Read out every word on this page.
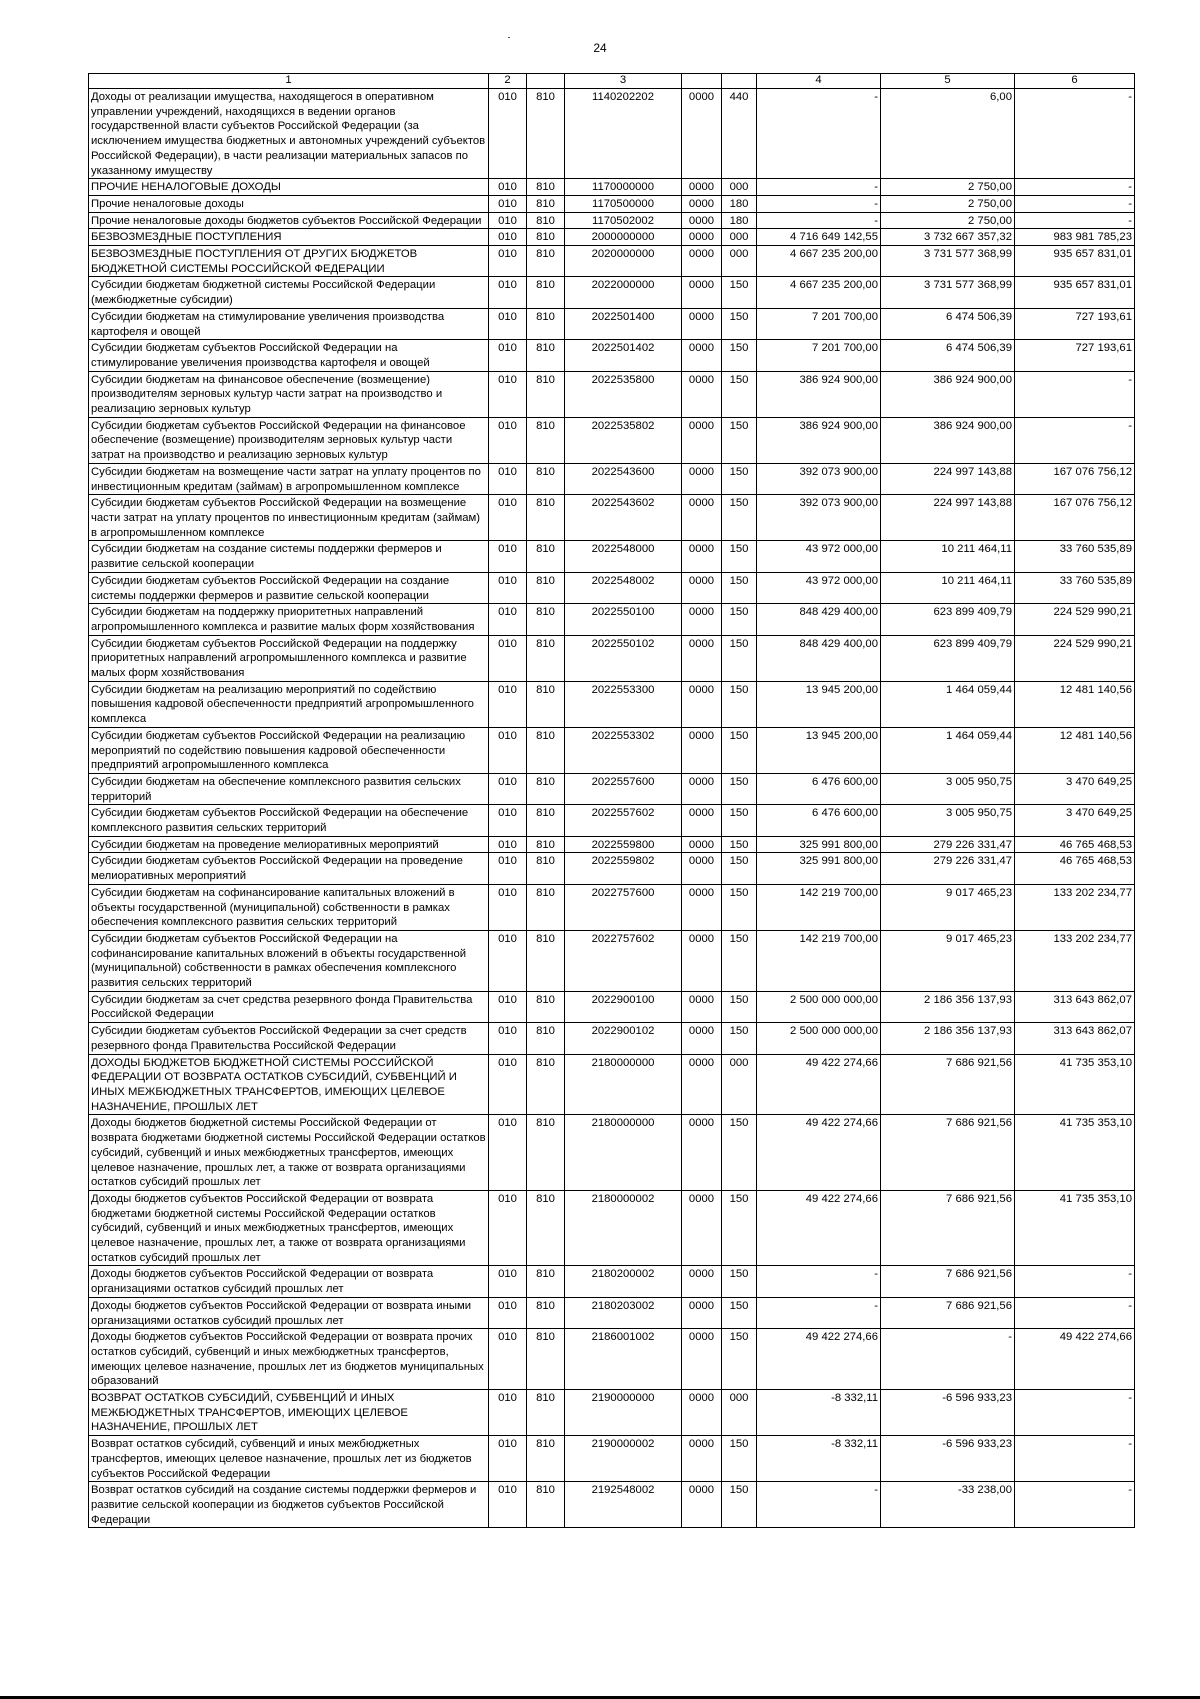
24
1	2		3			4	5	6
Доходы от реализации имущества, находящегося в оперативном управлении учреждений, находящихся в ведении органов государственной власти субъектов Российской Федерации (за исключением имущества бюджетных и автономных учреждений субъектов Российской Федерации), в части реализации материальных запасов по указанному имуществу	010	810	1140202202	0000	440	-	6,00	-
ПРОЧИЕ НЕНАЛОГОВЫЕ ДОХОДЫ	010	810	1170000000	0000	000	-	2 750,00	-
Прочие неналоговые доходы	010	810	1170500000	0000	180	-	2 750,00	-
Прочие неналоговые доходы бюджетов субъектов Российской Федерации	010	810	1170502002	0000	180	-	2 750,00	-
БЕЗВОЗМЕЗДНЫЕ ПОСТУПЛЕНИЯ	010	810	2000000000	0000	000	4 716 649 142,55	3 732 667 357,32	983 981 785,23
БЕЗВОЗМЕЗДНЫЕ ПОСТУПЛЕНИЯ ОТ ДРУГИХ БЮДЖЕТОВ БЮДЖЕТНОЙ СИСТЕМЫ РОССИЙСКОЙ ФЕДЕРАЦИИ	010	810	2020000000	0000	000	4 667 235 200,00	3 731 577 368,99	935 657 831,01
Субсидии бюджетам бюджетной системы Российской Федерации (межбюджетные субсидии)	010	810	2022000000	0000	150	4 667 235 200,00	3 731 577 368,99	935 657 831,01
Субсидии бюджетам на стимулирование увеличения производства картофеля и овощей	010	810	2022501400	0000	150	7 201 700,00	6 474 506,39	727 193,61
Субсидии бюджетам субъектов Российской Федерации на стимулирование увеличения производства картофеля и овощей	010	810	2022501402	0000	150	7 201 700,00	6 474 506,39	727 193,61
Субсидии бюджетам на финансовое обеспечение (возмещение) производителям зерновых культур части затрат на производство и реализацию зерновых культур	010	810	2022535800	0000	150	386 924 900,00	386 924 900,00	-
Субсидии бюджетам субъектов Российской Федерации на финансовое обеспечение (возмещение) производителям зерновых культур части затрат на производство и реализацию зерновых культур	010	810	2022535802	0000	150	386 924 900,00	386 924 900,00	-
Субсидии бюджетам на возмещение части затрат на уплату процентов по инвестиционным кредитам (займам) в агропромышленном комплексе	010	810	2022543600	0000	150	392 073 900,00	224 997 143,88	167 076 756,12
Субсидии бюджетам субъектов Российской Федерации на возмещение части затрат на уплату процентов по инвестиционным кредитам (займам) в агропромышленном комплексе	010	810	2022543602	0000	150	392 073 900,00	224 997 143,88	167 076 756,12
Субсидии бюджетам на создание системы поддержки фермеров и развитие сельской кооперации	010	810	2022548000	0000	150	43 972 000,00	10 211 464,11	33 760 535,89
Субсидии бюджетам субъектов Российской Федерации на создание системы поддержки фермеров и развитие сельской кооперации	010	810	2022548002	0000	150	43 972 000,00	10 211 464,11	33 760 535,89
Субсидии бюджетам на поддержку приоритетных направлений агропромышленного комплекса и развитие малых форм хозяйствования	010	810	2022550100	0000	150	848 429 400,00	623 899 409,79	224 529 990,21
Субсидии бюджетам субъектов Российской Федерации на поддержку приоритетных направлений агропромышленного комплекса и развитие малых форм хозяйствования	010	810	2022550102	0000	150	848 429 400,00	623 899 409,79	224 529 990,21
Субсидии бюджетам на реализацию мероприятий по содействию повышения кадровой обеспеченности предприятий агропромышленного комплекса	010	810	2022553300	0000	150	13 945 200,00	1 464 059,44	12 481 140,56
Субсидии бюджетам субъектов Российской Федерации на реализацию мероприятий по содействию повышения кадровой обеспеченности предприятий агропромышленного комплекса	010	810	2022553302	0000	150	13 945 200,00	1 464 059,44	12 481 140,56
Субсидии бюджетам на обеспечение комплексного развития сельских территорий	010	810	2022557600	0000	150	6 476 600,00	3 005 950,75	3 470 649,25
Субсидии бюджетам субъектов Российской Федерации на обеспечение комплексного развития сельских территорий	010	810	2022557602	0000	150	6 476 600,00	3 005 950,75	3 470 649,25
Субсидии бюджетам на проведение мелиоративных мероприятий	010	810	2022559800	0000	150	325 991 800,00	279 226 331,47	46 765 468,53
Субсидии бюджетам субъектов Российской Федерации на проведение мелиоративных мероприятий	010	810	2022559802	0000	150	325 991 800,00	279 226 331,47	46 765 468,53
Субсидии бюджетам на софинансирование капитальных вложений в объекты государственной (муниципальной) собственности в рамках обеспечения комплексного развития сельских территорий	010	810	2022757600	0000	150	142 219 700,00	9 017 465,23	133 202 234,77
Субсидии бюджетам субъектов Российской Федерации на софинансирование капитальных вложений в объекты государственной (муниципальной) собственности в рамках обеспечения комплексного развития сельских территорий	010	810	2022757602	0000	150	142 219 700,00	9 017 465,23	133 202 234,77
Субсидии бюджетам за счет средства резервного фонда Правительства Российской Федерации	010	810	2022900100	0000	150	2 500 000 000,00	2 186 356 137,93	313 643 862,07
Субсидии бюджетам субъектов Российской Федерации за счет средств резервного фонда Правительства Российской Федерации	010	810	2022900102	0000	150	2 500 000 000,00	2 186 356 137,93	313 643 862,07
ДОХОДЫ БЮДЖЕТОВ БЮДЖЕТНОЙ СИСТЕМЫ РОССИЙСКОЙ ФЕДЕРАЦИИ ОТ ВОЗВРАТА ОСТАТКОВ СУБСИДИЙ, СУБВЕНЦИЙ И ИНЫХ МЕЖБЮДЖЕТНЫХ ТРАНСФЕРТОВ, ИМЕЮЩИХ ЦЕЛЕВОЕ НАЗНАЧЕНИЕ, ПРОШЛЫХ ЛЕТ	010	810	2180000000	0000	000	49 422 274,66	7 686 921,56	41 735 353,10
Доходы бюджетов бюджетной системы Российской Федерации от возврата бюджетами бюджетной системы Российской Федерации остатков субсидий, субвенций и иных межбюджетных трансфертов, имеющих целевое назначение, прошлых лет, а также от возврата организациями остатков субсидий прошлых лет	010	810	2180000000	0000	150	49 422 274,66	7 686 921,56	41 735 353,10
Доходы бюджетов субъектов Российской Федерации от возврата бюджетами бюджетной системы Российской Федерации остатков субсидий, субвенций и иных межбюджетных трансфертов, имеющих целевое назначение, прошлых лет, а также от возврата организациями остатков субсидий прошлых лет	010	810	2180000002	0000	150	49 422 274,66	7 686 921,56	41 735 353,10
Доходы бюджетов субъектов Российской Федерации от возврата организациями остатков субсидий прошлых лет	010	810	2180200002	0000	150	-	7 686 921,56	-
Доходы бюджетов субъектов Российской Федерации от возврата иными организациями остатков субсидий прошлых лет	010	810	2180203002	0000	150	-	7 686 921,56	-
Доходы бюджетов субъектов Российской Федерации от возврата прочих остатков субсидий, субвенций и иных межбюджетных трансфертов, имеющих целевое назначение, прошлых лет из бюджетов муниципальных образований	010	810	2186001002	0000	150	49 422 274,66	-	49 422 274,66
ВОЗВРАТ ОСТАТКОВ СУБСИДИЙ, СУБВЕНЦИЙ И ИНЫХ МЕЖБЮДЖЕТНЫХ ТРАНСФЕРТОВ, ИМЕЮЩИХ ЦЕЛЕВОЕ НАЗНАЧЕНИЕ, ПРОШЛЫХ ЛЕТ	010	810	2190000000	0000	000	-8 332,11	-6 596 933,23	-
Возврат остатков субсидий, субвенций и иных межбюджетных трансфертов, имеющих целевое назначение, прошлых лет из бюджетов субъектов Российской Федерации	010	810	2190000002	0000	150	-8 332,11	-6 596 933,23	-
Возврат остатков субсидий на создание системы поддержки фермеров и развитие сельской кооперации из бюджетов субъектов Российской Федерации	010	810	2192548002	0000	150	-	-33 238,00	-
